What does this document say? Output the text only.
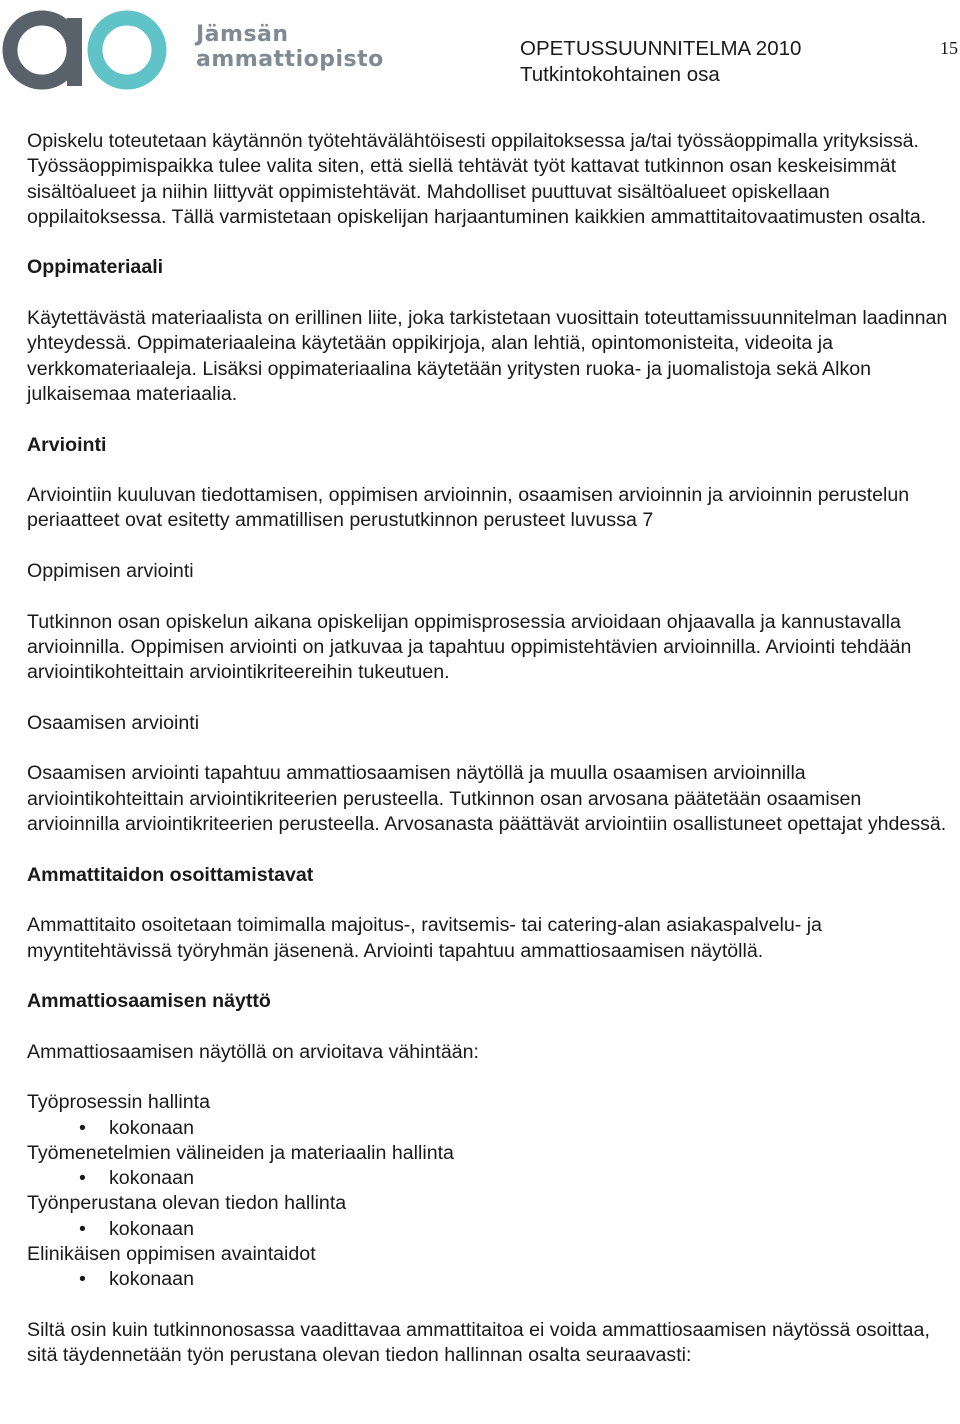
Jämsän
ammattiopisto	OPETUSSUUNNITELMA 2010
Tutkintokohtainen osa
15

Opiskelu toteutetaan käytännön työtehtävälähtöisesti oppilaitoksessa ja/tai työssäoppimalla yrityksissä. Työssäoppimispaikka tulee valita siten, että siellä tehtävät työt kattavat tutkinnon osan keskeisimmät sisältöalueet ja niihin liittyvät oppimistehtävät. Mahdolliset puuttuvat sisältöalueet opiskellaan oppilaitoksessa. Tällä varmistetaan opiskelijan harjaantuminen kaikkien ammattitaitovaatimusten osalta.

Oppimateriaali

Käytettävästä materiaalista on erillinen liite, joka tarkistetaan vuosittain toteuttamissuunnitelman laadinnan yhteydessä. Oppimateriaaleina käytetään oppikirjoja, alan lehtiä, opintomonisteita, videoita ja verkkomateriaaleja. Lisäksi oppimateriaalina käytetään yritysten ruoka- ja juomalistoja sekä Alkon julkaisemaa materiaalia.

Arviointi

Arviointiin kuuluvan tiedottamisen, oppimisen arvioinnin, osaamisen arvioinnin ja arvioinnin perustelun periaatteet ovat esitetty ammatillisen perustutkinnon perusteet luvussa 7

Oppimisen arviointi

Tutkinnon osan opiskelun aikana opiskelijan oppimisprosessia arvioidaan ohjaavalla ja kannustavalla arvioinnilla. Oppimisen arviointi on jatkuvaa ja tapahtuu oppimistehtävien arvioinnilla. Arviointi tehdään arviointikohteittain arviointikriteereihin tukeutuen.

Osaamisen arviointi

Osaamisen arviointi tapahtuu ammattiosaamisen näytöllä ja muulla osaamisen arvioinnilla arviointikohteittain arviointikriteerien perusteella. Tutkinnon osan arvosana päätetään osaamisen arvioinnilla arviointikriteerien perusteella. Arvosanasta päättävät arviointiin osallistuneet opettajat yhdessä.

Ammattitaidon osoittamistavat

Ammattitaito osoitetaan toimimalla majoitus-, ravitsemis- tai catering-alan asiakaspalvelu- ja myyntitehtävissä työryhmän jäsenenä. Arviointi tapahtuu ammattiosaamisen näytöllä.

Ammattiosaamisen näyttö

Ammattiosaamisen näytöllä on arvioitava vähintään:

Työprosessin hallinta

• kokonaan

Työmenetelmien välineiden ja materiaalin hallinta

• kokonaan

Työnperustana olevan tiedon hallinta

• kokonaan

Elinikäisen oppimisen avaintaidot

• kokonaan

Siltä osin kuin tutkinnonosassa vaadittavaa ammattitaitoa ei voida ammattiosaamisen näytössä osoittaa, sitä täydennetään työn perustana olevan tiedon hallinnan osalta seuraavasti:
